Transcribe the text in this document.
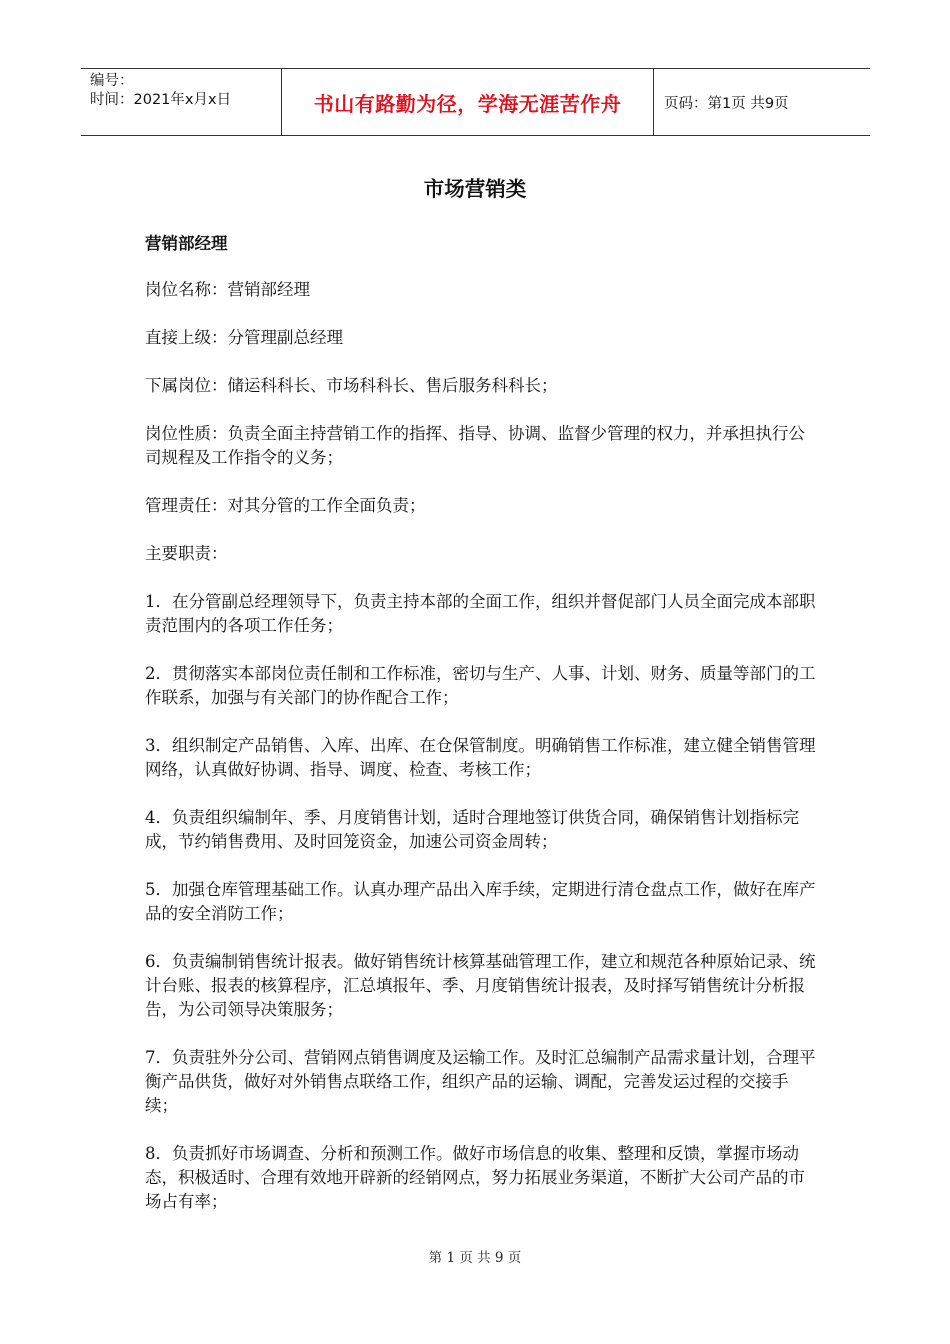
编号：
时间：2021年x月x日	书山有路勤为径，学海无涯苦作舟	页码：第1页 共9页
市场营销类

营销部经理

岗位名称：营销部经理

直接上级：分管理副总经理

下属岗位：储运科科长、市场科科长、售后服务科科长；

岗位性质：负责全面主持营销工作的指挥、指导、协调、监督少管理的权力，并承担执行公司规程及工作指令的义务；

管理责任：对其分管的工作全面负责；

主要职责：

1．在分管副总经理领导下，负责主持本部的全面工作，组织并督促部门人员全面完成本部职责范围内的各项工作任务；

2．贯彻落实本部岗位责任制和工作标准，密切与生产、人事、计划、财务、质量等部门的工作联系，加强与有关部门的协作配合工作；

3．组织制定产品销售、入库、出库、在仓保管制度。明确销售工作标准，建立健全销售管理网络，认真做好协调、指导、调度、检查、考核工作；

4．负责组织编制年、季、月度销售计划，适时合理地签订供货合同，确保销售计划指标完成，节约销售费用、及时回笼资金，加速公司资金周转；

5．加强仓库管理基础工作。认真办理产品出入库手续，定期进行清仓盘点工作，做好在库产品的安全消防工作；

6．负责编制销售统计报表。做好销售统计核算基础管理工作，建立和规范各种原始记录、统计台账、报表的核算程序，汇总填报年、季、月度销售统计报表，及时择写销售统计分析报告，为公司领导决策服务；

7．负责驻外分公司、营销网点销售调度及运输工作。及时汇总编制产品需求量计划，合理平衡产品供货，做好对外销售点联络工作，组织产品的运输、调配，完善发运过程的交接手续；

8．负责抓好市场调查、分析和预测工作。做好市场信息的收集、整理和反馈，掌握市场动态，积极适时、合理有效地开辟新的经销网点，努力拓展业务渠道，不断扩大公司产品的市场占有率；

第 1 页 共 9 页
